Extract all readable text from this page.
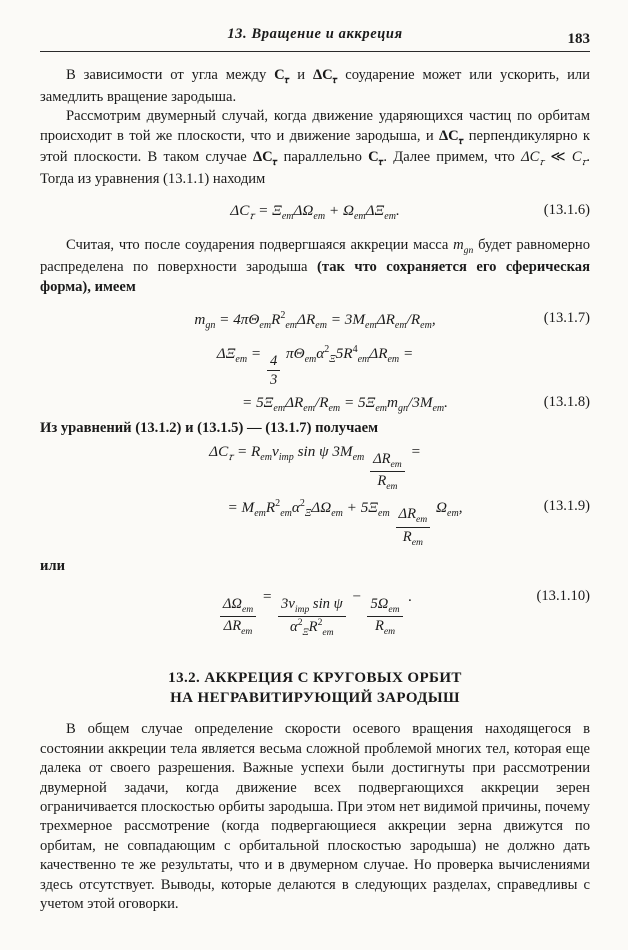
13. Вращение и аккреция	183

В зависимости от угла между $C_𝜏$ и $\Delta C_𝜏$ соударение может или ускорить, или замедлить вращение зародыша.

Рассмотрим двумерный случай, когда движение ударяющихся частиц по орбитам происходит в той же плоскости, что и движение зародыша, и $\Delta C_𝜏$ перпендикулярно к этой плоскости. В таком случае $\Delta C_𝜏$ параллельно $C_𝜏$. Далее примем, что $\Delta C_𝜏$ ≪ $C_𝜏$. Torдa из уравнения (13.1.1) находим

$\Delta C_𝜏 = \Xi_{em}\Delta\Omega_{em} + \Omega_{em}\Delta\Xi_{em}$.	(13.1.6)

Считая, что после соударения подвергшаяся аккреции масса $m_{gn}$ будет равномерно распределена по поверхности зародыша (так что сохраняется его сферическая форма), имеем

$m_{gn} = 4\pi\Theta_{em}R^2_{em}\Delta R_{em} = 3M_{em}\Delta R_{em}/R_{em}$,	(13.1.7)
$\Delta\Xi_{em}$ =
$\frac{4}{3}$
$\pi\Theta_{em}\alpha^2_\Xi 5R^4_{em}\Delta R_{em}$ =
= $5\Xi_{em}\Delta R_{em}/R_{em} = 5\Xi_{em}m_{gn}/3M_{em}$.	(13.1.8)

Из уравнений (13.1.2) и (13.1.5) — (13.1.7) получаем

$\Delta C_𝜏 = R_{em}v_{imp}$ sin ψ $3M_{em} \frac{\Delta R_{em}}{R_{em}}$
=
= $M_{em}R^2_{em}\alpha^2_\Xi\Delta\Omega_{em} + 5\Xi_{em} \frac{\Delta R_{em}}{R_{em}}$
$\Omega_{em}$,	(13.1.9)
или
$\frac{\Delta\Omega_{em}}{\Delta R_{em}}$
=
$\frac{3v_{imp} \sin \psi}{\alpha^2_\Xi R^2_{em}}$
−
$\frac{5\Omega_{em}}{R_{em}}$
.	(13.1.10)
13.2. АККРЕЦИЯ С КРУГОВЫХ ОРБИТ
НА НЕГРАВИТИРУЮЩИЙ ЗАРОДЫШ

В общем случае определение скорости осевого вращения находящегося в состоянии аккреции тела является весьма сложной проблемой многих тел, которая еще далека от своего разрешения. Важные успехи были достигнуты при рассмотрении двумерной задачи, когда движение всех подвергающихся аккреции зерен ограничивается плоскостью орбиты зародыша. При этом нет видимой причины, почему трехмерное рассмотрение (когда подвергающиеся аккреции зерна движутся по орбитам, не совпадающим с орбитальной плоскостью зародыша) не должно дать качественно те же результаты, что и в двумерном случае. Но проверка вычислениями здесь отсутствует. Выводы, которые делаются в следующих разделах, справедливы с учетом этой оговорки.
